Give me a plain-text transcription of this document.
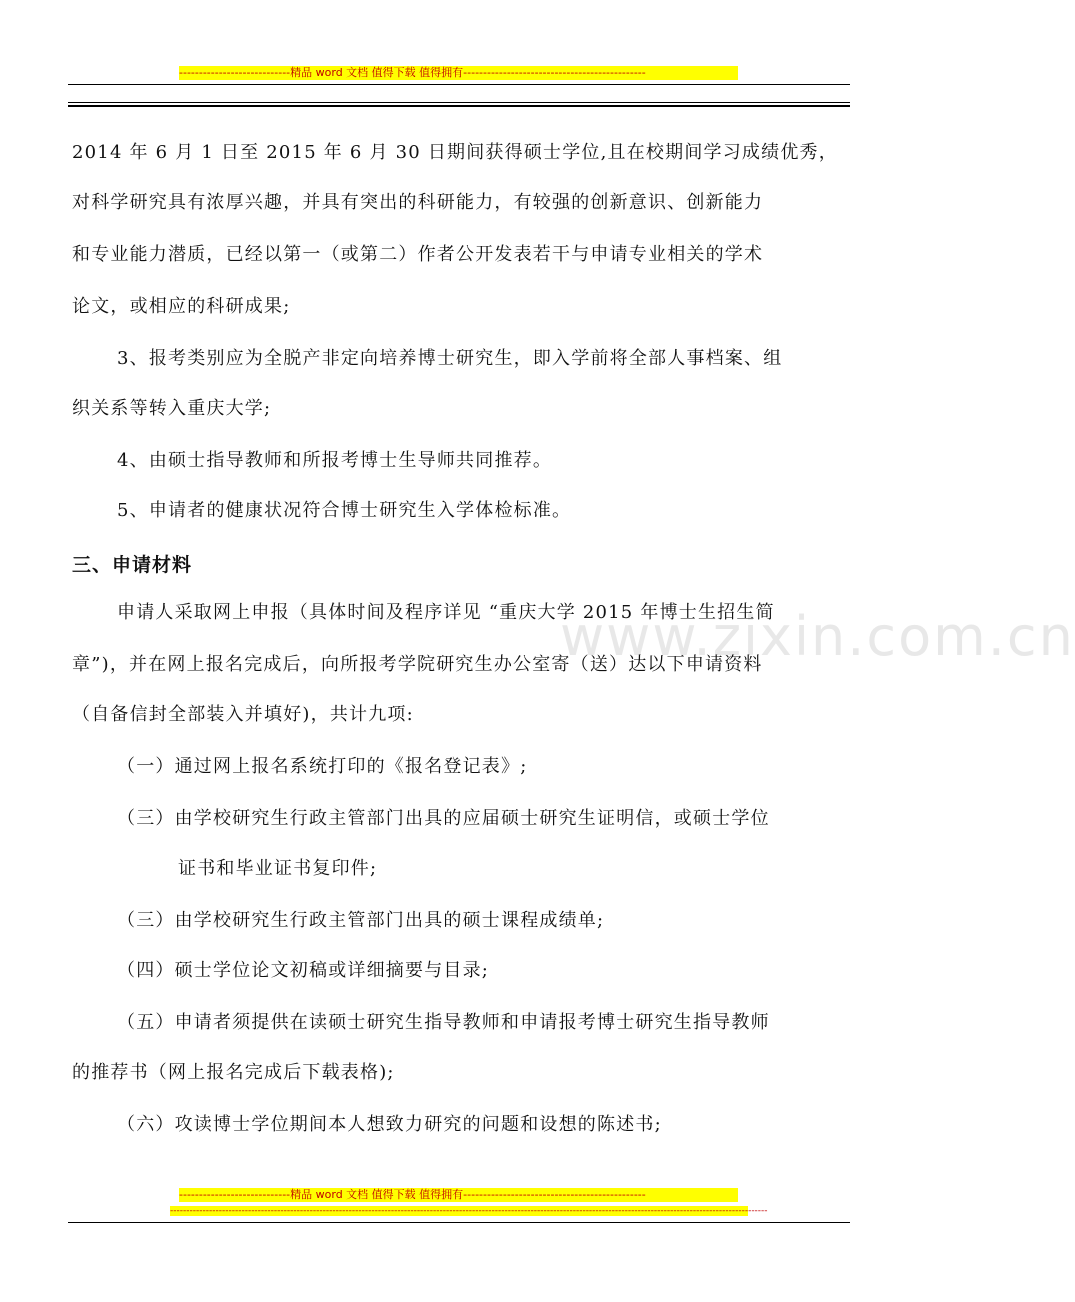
----------------------------精品 word 文档 值得下载 值得拥有----------------------------------------------
www.zixin.com.cn
2014 年 6 月 1 日至 2015 年 6 月 30 日期间获得硕士学位,且在校期间学习成绩优秀，
对科学研究具有浓厚兴趣，并具有突出的科研能力，有较强的创新意识、创新能力
和专业能力潜质，已经以第一（或第二）作者公开发表若干与申请专业相关的学术
论文，或相应的科研成果;
3、报考类别应为全脱产非定向培养博士研究生，即入学前将全部人事档案、组
织关系等转入重庆大学;
4、由硕士指导教师和所报考博士生导师共同推荐。
5、申请者的健康状况符合博士研究生入学体检标准。
三、申请材料
申请人采取网上申报（具体时间及程序详见 “重庆大学 2015 年博士生招生简
章”)，并在网上报名完成后，向所报考学院研究生办公室寄（送）达以下申请资料
（自备信封全部装入并填好)，共计九项:
（一）通过网上报名系统打印的《报名登记表》;
（三）由学校研究生行政主管部门出具的应届硕士研究生证明信，或硕士学位
证书和毕业证书复印件;
（三）由学校研究生行政主管部门出具的硕士课程成绩单;
（四）硕士学位论文初稿或详细摘要与目录;
（五）申请者须提供在读硕士研究生指导教师和申请报考博士研究生指导教师
的推荐书（网上报名完成后下载表格);
（六）攻读博士学位期间本人想致力研究的问题和设想的陈述书;
----------------------------精品 word 文档 值得下载 值得拥有----------------------------------------------
----------------------------------------------------------------------------------------------------------------------------------------------------------------------------------------
